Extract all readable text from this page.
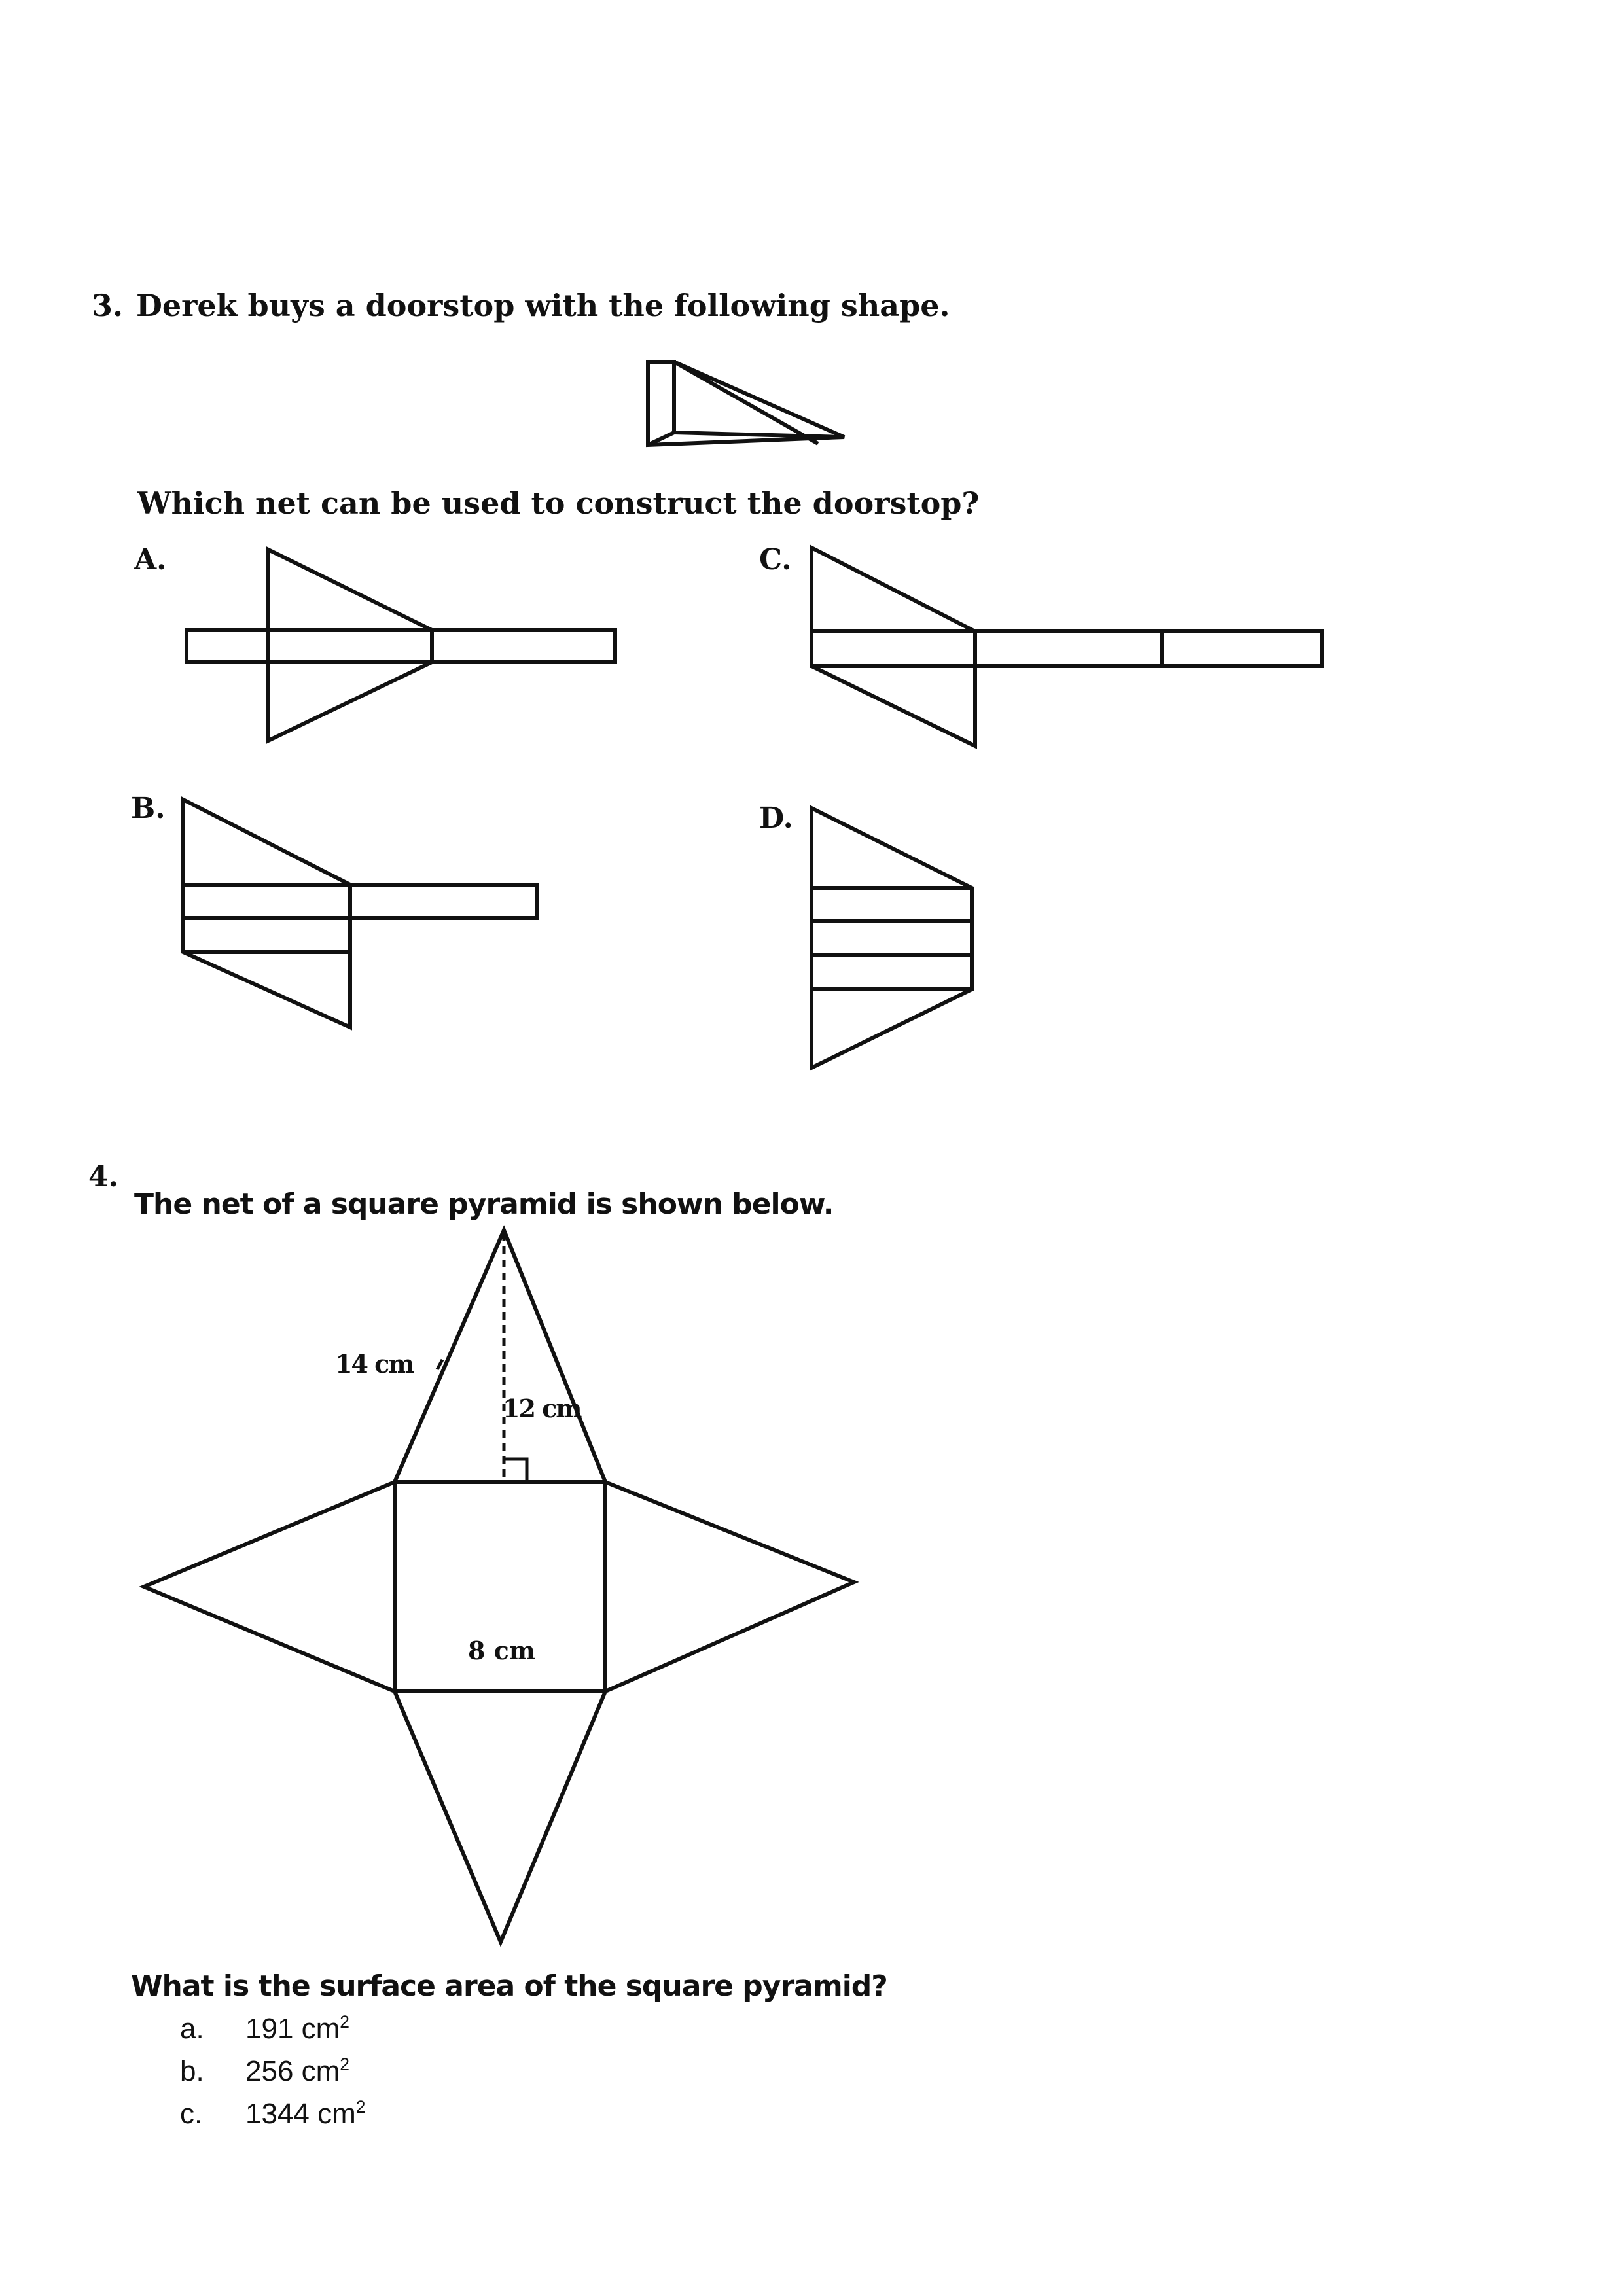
3. Derek buys a doorstop with the following shape.
Which net can be used to construct the doorstop?
A.
B.
C.
D.
4.
The net of a square pyramid is shown below.
14 cm
12 cm
8 cm
What is the surface area of the square pyramid?
a. 191 $cm^2$
b. 256 $cm^2$
c. 1344 $cm^2$
